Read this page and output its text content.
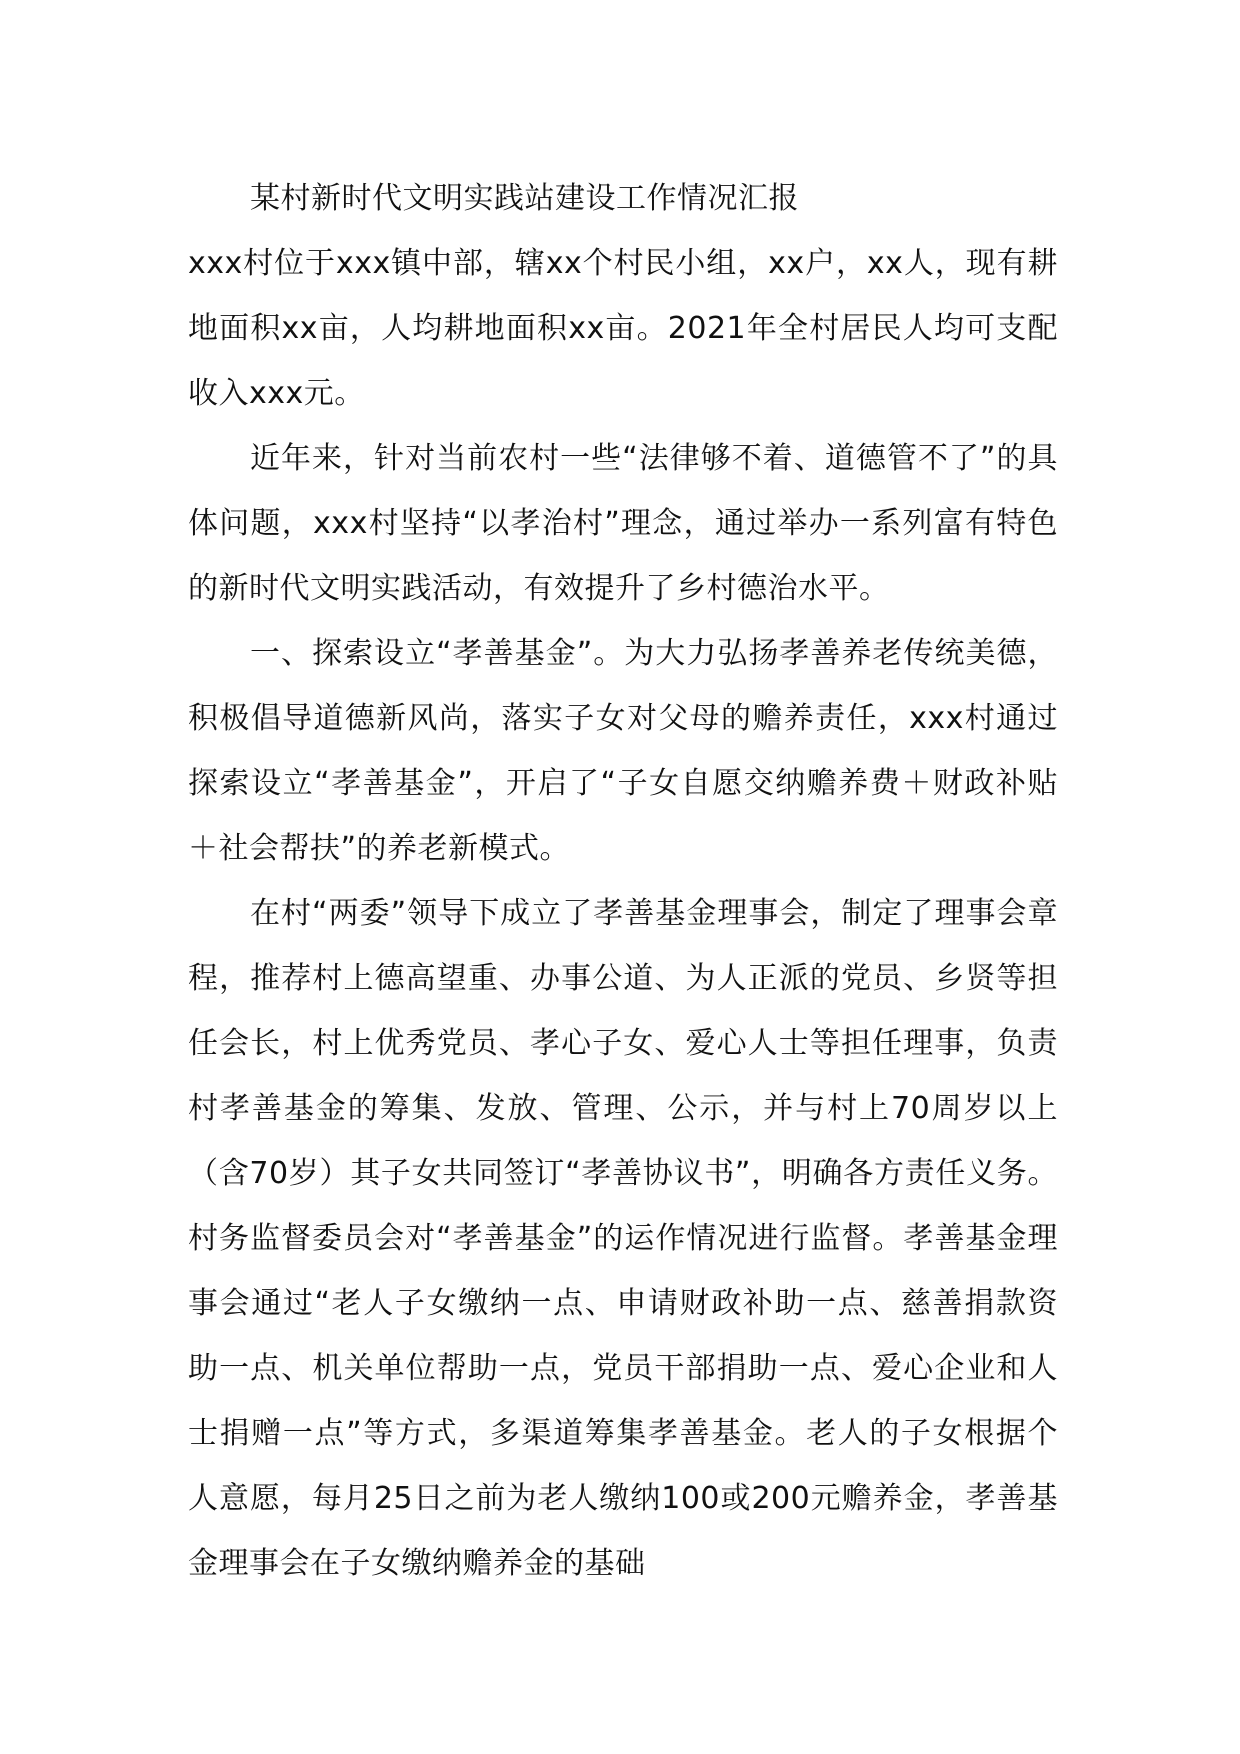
某村新时代文明实践站建设工作情况汇报

xxx村位于xxx镇中部，辖xx个村民小组，xx户，xx人，现有耕地面积xx亩，人均耕地面积xx亩。2021年全村居民人均可支配收入xxx元。

近年来，针对当前农村一些“法律够不着、道德管不了”的具体问题，xxx村坚持“以孝治村”理念，通过举办一系列富有特色的新时代文明实践活动，有效提升了乡村德治水平。

一、探索设立“孝善基金”。为大力弘扬孝善养老传统美德，积极倡导道德新风尚，落实子女对父母的赡养责任，xxx村通过探索设立“孝善基金”，开启了“子女自愿交纳赡养费＋财政补贴＋社会帮扶”的养老新模式。

在村“两委”领导下成立了孝善基金理事会，制定了理事会章程，推荐村上德高望重、办事公道、为人正派的党员、乡贤等担任会长，村上优秀党员、孝心子女、爱心人士等担任理事，负责村孝善基金的筹集、发放、管理、公示，并与村上70周岁以上（含70岁）其子女共同签订“孝善协议书”，明确各方责任义务。村务监督委员会对“孝善基金”的运作情况进行监督。孝善基金理事会通过“老人子女缴纳一点、申请财政补助一点、慈善捐款资助一点、机关单位帮助一点，党员干部捐助一点、爱心企业和人士捐赠一点”等方式，多渠道筹集孝善基金。老人的子女根据个人意愿，每月25日之前为老人缴纳100或200元赡养金，孝善基金理事会在子女缴纳赡养金的基础
